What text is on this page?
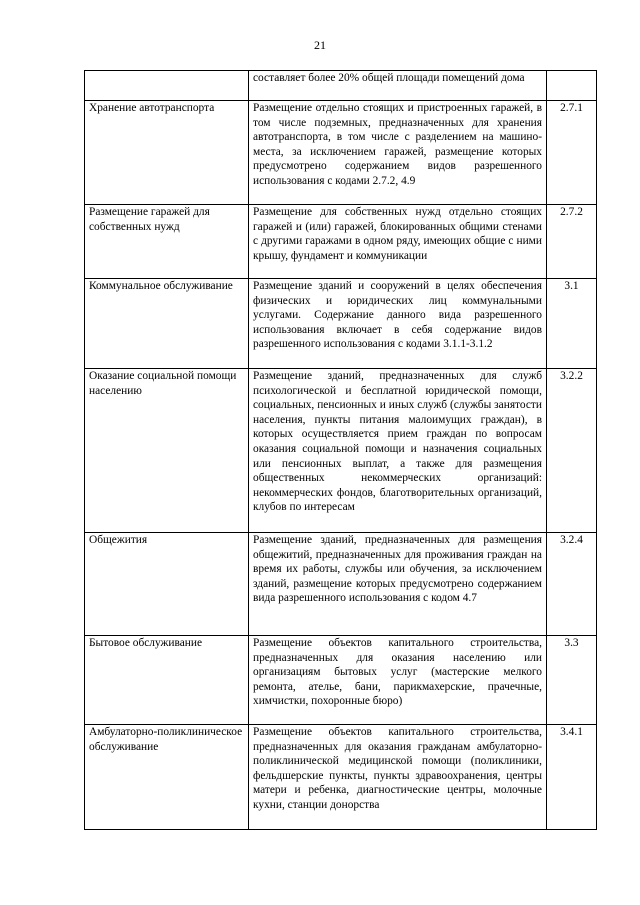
21
	составляет более 20% общей площади помещений дома	
Хранение автотранспорта	Размещение отдельно стоящих и пристроенных гаражей, в том числе подземных, предназначенных для хранения автотранспорта, в том числе с разделением на машино-места, за исключением гаражей, размещение которых предусмотрено содержанием видов разрешенного использования с кодами 2.7.2, 4.9	2.7.1
Размещение гаражей для собственных нужд	Размещение для собственных нужд отдельно стоящих гаражей и (или) гаражей, блокированных общими стенами с другими гаражами в одном ряду, имеющих общие с ними крышу, фундамент и коммуникации	2.7.2
Коммунальное обслуживание	Размещение зданий и сооружений в целях обеспечения физических и юридических лиц коммунальными услугами. Содержание данного вида разрешенного использования включает в себя содержание видов разрешенного использования с кодами 3.1.1-3.1.2	3.1
Оказание социальной помощи населению	Размещение зданий, предназначенных для служб психологической и бесплатной юридической помощи, социальных, пенсионных и иных служб (службы занятости населения, пункты питания малоимущих граждан), в которых осуществляется прием граждан по вопросам оказания социальной помощи и назначения социальных или пенсионных выплат, а также для размещения общественных некоммерческих организаций: некоммерческих фондов, благотворительных организаций, клубов по интересам	3.2.2
Общежития	Размещение зданий, предназначенных для размещения общежитий, предназначенных для проживания граждан на время их работы, службы или обучения, за исключением зданий, размещение которых предусмотрено содержанием вида разрешенного использования с кодом 4.7	3.2.4
Бытовое обслуживание	Размещение объектов капитального строительства, предназначенных для оказания населению или организациям бытовых услуг (мастерские мелкого ремонта, ателье, бани, парикмахерские, прачечные, химчистки, похоронные бюро)	3.3
Амбулаторно-поликлиническое обслуживание	Размещение объектов капитального строительства, предназначенных для оказания гражданам амбулаторно-поликлинической медицинской помощи (поликлиники, фельдшерские пункты, пункты здравоохранения, центры матери и ребенка, диагностические центры, молочные кухни, станции донорства	3.4.1
